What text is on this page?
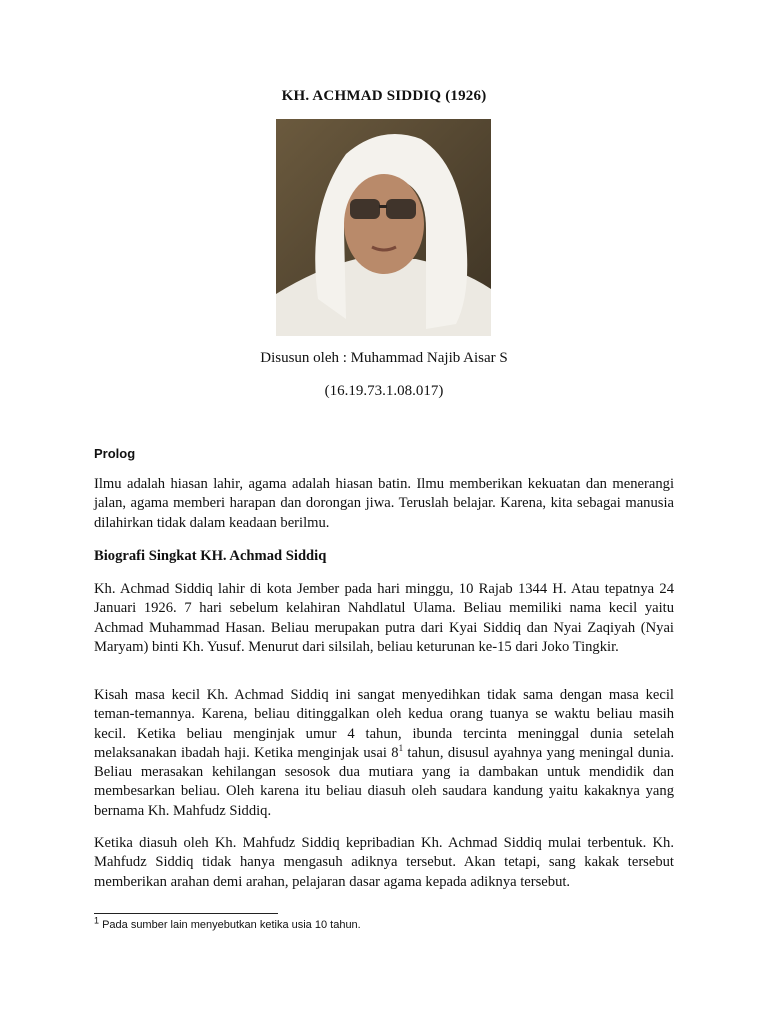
KH. ACHMAD SIDDIQ (1926)
Disusun oleh : Muhammad Najib Aisar S
(16.19.73.1.08.017)
Prolog

Ilmu adalah hiasan lahir, agama adalah hiasan batin. Ilmu memberikan kekuatan dan menerangi jalan, agama memberi harapan dan dorongan jiwa. Teruslah belajar. Karena, kita sebagai manusia dilahirkan tidak dalam keadaan berilmu.

Biografi Singkat KH. Achmad Siddiq

Kh. Achmad Siddiq lahir di kota Jember pada hari minggu, 10 Rajab 1344 H. Atau tepatnya 24 Januari 1926. 7 hari sebelum kelahiran Nahdlatul Ulama. Beliau memiliki nama kecil yaitu Achmad Muhammad Hasan. Beliau merupakan putra dari Kyai Siddiq dan Nyai Zaqiyah (Nyai Maryam) binti Kh. Yusuf. Menurut dari silsilah, beliau keturunan ke-15 dari Joko Tingkir.

Kisah masa kecil Kh. Achmad Siddiq ini sangat menyedihkan tidak sama dengan masa kecil teman-temannya. Karena, beliau ditinggalkan oleh kedua orang tuanya se waktu beliau masih kecil. Ketika beliau menginjak umur 4 tahun, ibunda tercinta meninggal dunia setelah melaksanakan ibadah haji. Ketika menginjak usai $8^1$ tahun, disusul ayahnya yang meningal dunia. Beliau merasakan kehilangan sesosok dua mutiara yang ia dambakan untuk mendidik dan membesarkan beliau. Oleh karena itu beliau diasuh oleh saudara kandung yaitu kakaknya yang bernama Kh. Mahfudz Siddiq.

Ketika diasuh oleh Kh. Mahfudz Siddiq kepribadian Kh. Achmad Siddiq mulai terbentuk. Kh. Mahfudz Siddiq tidak hanya mengasuh adiknya tersebut. Akan tetapi, sang kakak tersebut memberikan arahan demi arahan, pelajaran dasar agama kepada adiknya tersebut.

$^1$ Pada sumber lain menyebutkan ketika usia 10 tahun.
